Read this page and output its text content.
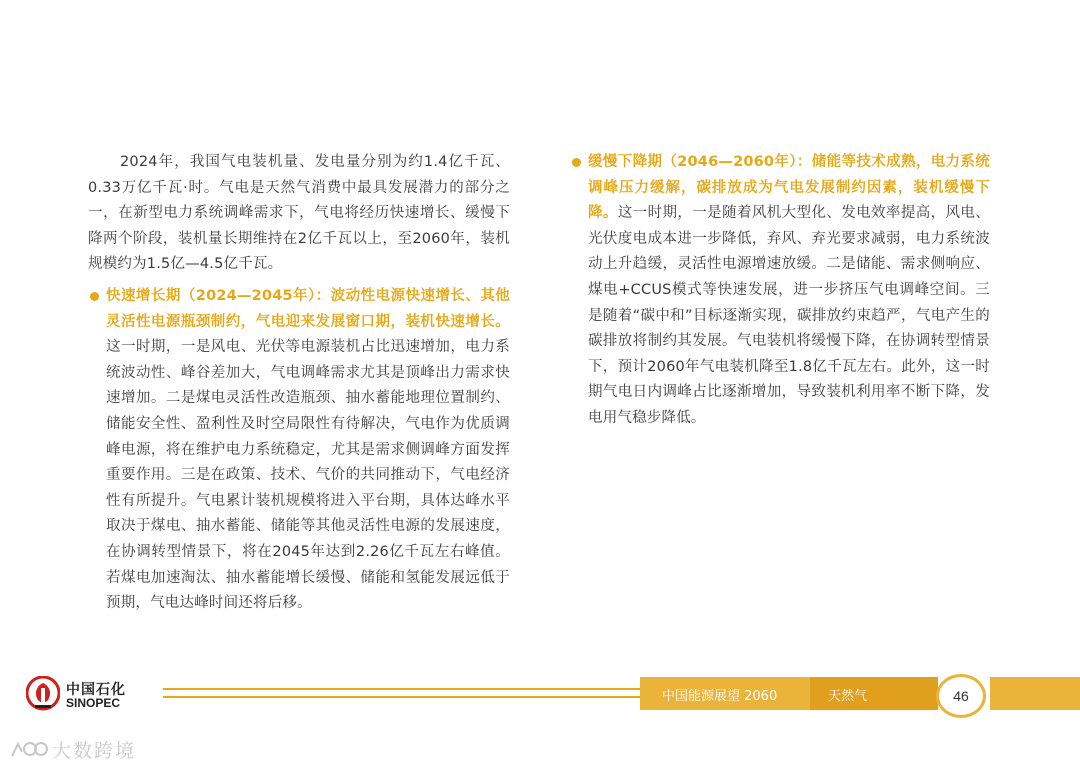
2024年，我国气电装机量、发电量分别为约1.4亿千瓦、0.33万亿千瓦·时。气电是天然气消费中最具发展潜力的部分之一，在新型电力系统调峰需求下，气电将经历快速增长、缓慢下降两个阶段，装机量长期维持在2亿千瓦以上，至2060年，装机规模约为1.5亿—4.5亿千瓦。

快速增长期（2024—2045年）：波动性电源快速增长、其他灵活性电源瓶颈制约，气电迎来发展窗口期，装机快速增长。这一时期，一是风电、光伏等电源装机占比迅速增加，电力系统波动性、峰谷差加大，气电调峰需求尤其是顶峰出力需求快速增加。二是煤电灵活性改造瓶颈、抽水蓄能地理位置制约、储能安全性、盈利性及时空局限性有待解决，气电作为优质调峰电源，将在维护电力系统稳定，尤其是需求侧调峰方面发挥重要作用。三是在政策、技术、气价的共同推动下，气电经济性有所提升。气电累计装机规模将进入平台期，具体达峰水平取决于煤电、抽水蓄能、储能等其他灵活性电源的发展速度，在协调转型情景下，将在2045年达到2.26亿千瓦左右峰值。若煤电加速淘汰、抽水蓄能增长缓慢、储能和氢能发展远低于预期，气电达峰时间还将后移。

缓慢下降期（2046—2060年）：储能等技术成熟，电力系统调峰压力缓解，碳排放成为气电发展制约因素，装机缓慢下降。这一时期，一是随着风机大型化、发电效率提高，风电、光伏度电成本进一步降低，弃风、弃光要求减弱，电力系统波动上升趋缓，灵活性电源增速放缓。二是储能、需求侧响应、煤电+CCUS模式等快速发展，进一步挤压气电调峰空间。三是随着“碳中和”目标逐渐实现，碳排放约束趋严，气电产生的碳排放将制约其发展。气电装机将缓慢下降，在协调转型情景下，预计2060年气电装机降至1.8亿千瓦左右。此外，这一时期气电日内调峰占比逐渐增加，导致装机利用率不断下降，发电用气稳步降低。

中国石化
SINOPEC	中国能源展望 2060	天然气	46
大数跨境
